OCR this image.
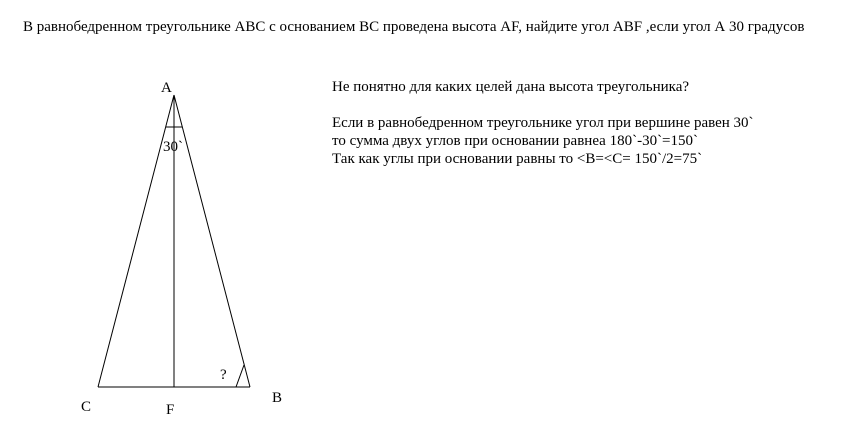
В равнобедренном треугольнике ABC с основанием BC проведена высота AF, найдите угол ABF ,если угол А 30 градусов
A
30`
?
C	F
B

Не понятно для каких целей дана высота треугольника?

Если в равнобедренном треугольнике угол при вершине равен 30`

то сумма двух углов при основании равнеа 180`-30`=150`

Так как углы при основании равны то <B=<C= 150`/2=75`
